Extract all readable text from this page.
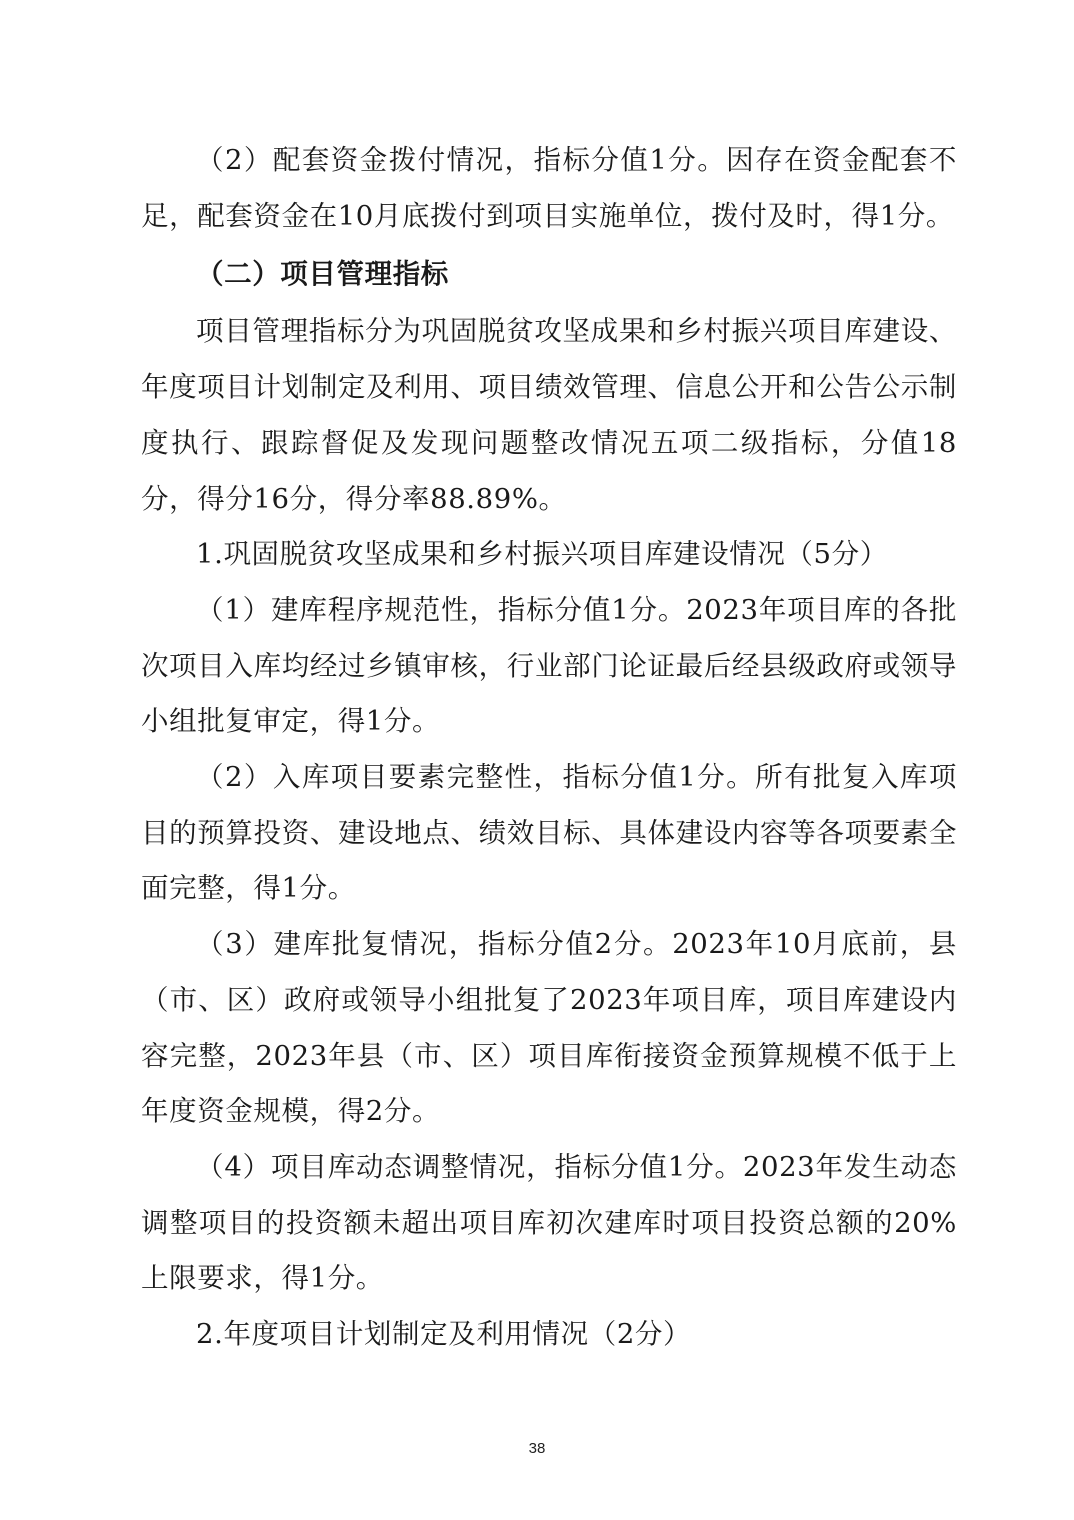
（2）配套资金拨付情况，指标分值1分。因存在资金配套不足，配套资金在10月底拨付到项目实施单位，拨付及时，得1分。

（二）项目管理指标

项目管理指标分为巩固脱贫攻坚成果和乡村振兴项目库建设、年度项目计划制定及利用、项目绩效管理、信息公开和公告公示制度执行、跟踪督促及发现问题整改情况五项二级指标，分值18分，得分16分，得分率88.89%。

1.巩固脱贫攻坚成果和乡村振兴项目库建设情况（5分）

（1）建库程序规范性，指标分值1分。2023年项目库的各批次项目入库均经过乡镇审核，行业部门论证最后经县级政府或领导小组批复审定，得1分。

（2）入库项目要素完整性，指标分值1分。所有批复入库项目的预算投资、建设地点、绩效目标、具体建设内容等各项要素全面完整，得1分。

（3）建库批复情况，指标分值2分。2023年10月底前，县（市、区）政府或领导小组批复了2023年项目库，项目库建设内容完整，2023年县（市、区）项目库衔接资金预算规模不低于上年度资金规模，得2分。

（4）项目库动态调整情况，指标分值1分。2023年发生动态调整项目的投资额未超出项目库初次建库时项目投资总额的20%上限要求，得1分。

2.年度项目计划制定及利用情况（2分）

38
